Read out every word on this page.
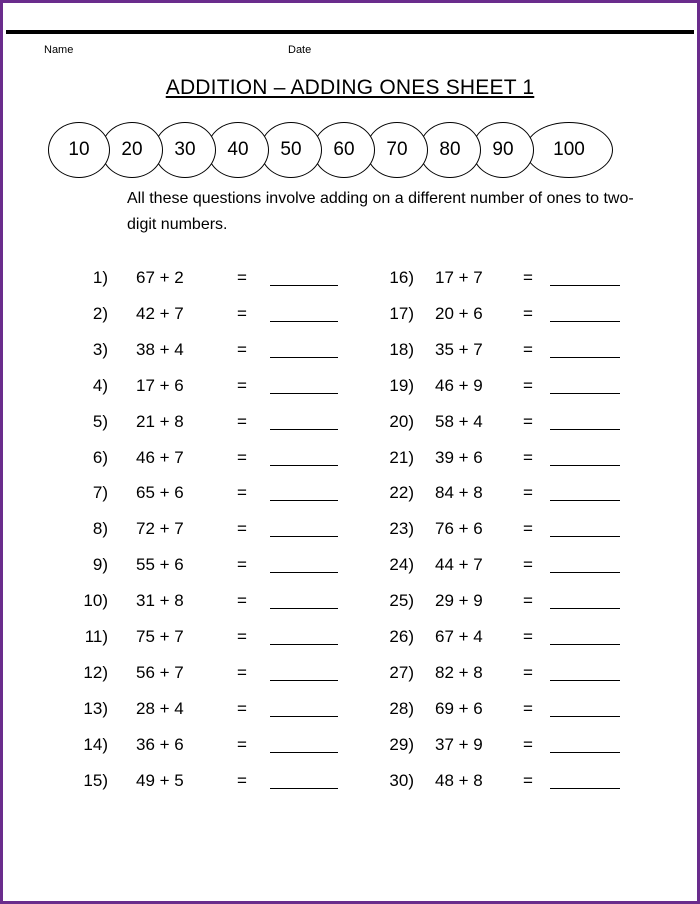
Name	Date
ADDITION – ADDING ONES SHEET 1
10	20	30	40	50	60	70	80	90	100
All these questions involve adding on a different number of ones to two-digit numbers.
1) 67 + 2	=
2) 42 + 7	=
3) 38 + 4	=
4) 17 + 6	=
5) 21 + 8	=
6) 46 + 7	=
7) 65 + 6	=
8) 72 + 7	=
9) 55 + 6	=
10) 31 + 8	=
11) 75 + 7	=
12) 56 + 7	=
13) 28 + 4	=
14) 36 + 6	=
15) 49 + 5	=
16) 17 + 7 =
17) 20 + 6 =
18) 35 + 7 =
19) 46 + 9 =
20) 58 + 4 =
21) 39 + 6 =
22) 84 + 8 =
23) 76 + 6 =
24) 44 + 7 =
25) 29 + 9 =
26) 67 + 4 =
27) 82 + 8 =
28) 69 + 6 =
29) 37 + 9 =
30) 48 + 8 =
